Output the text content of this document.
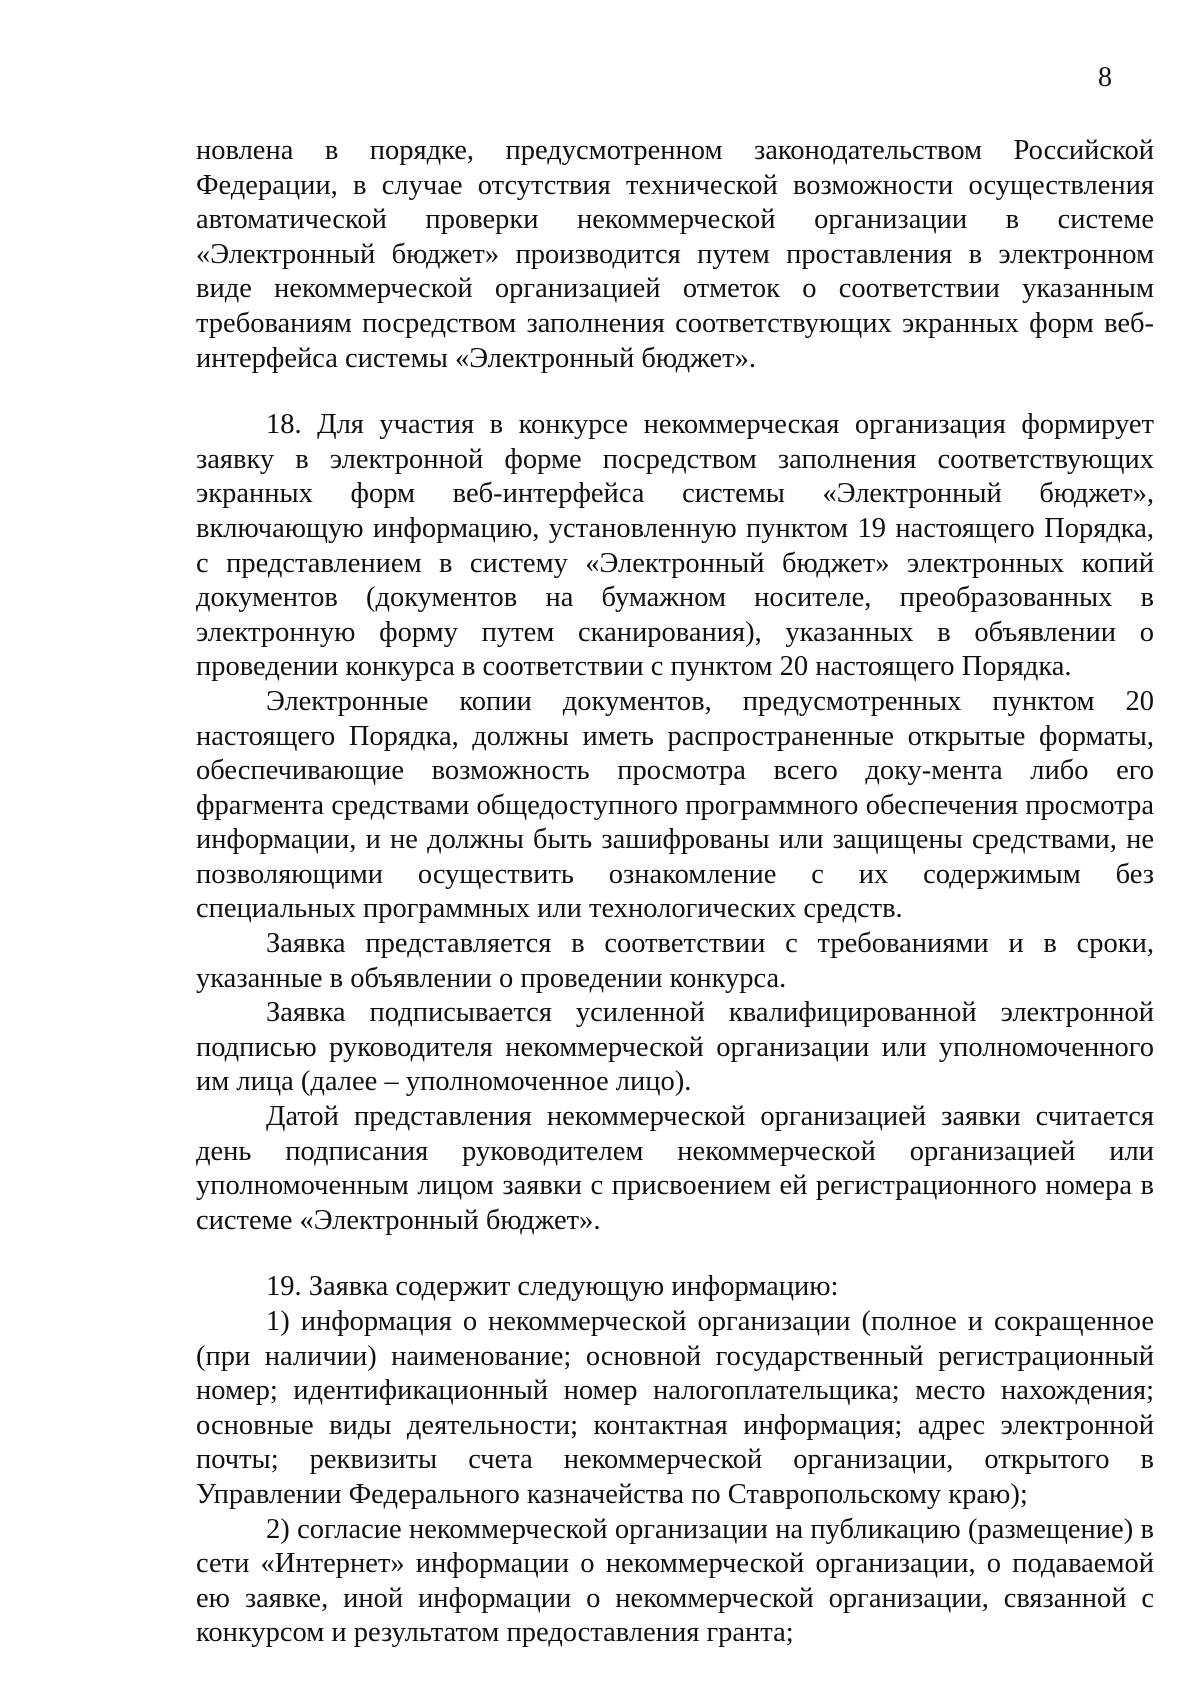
8

новлена в порядке, предусмотренном законодательством Российской Федерации, в случае отсутствия технической возможности осуществления автоматической проверки некоммерческой организации в системе «Электронный бюджет» производится путем проставления в электронном виде некоммерческой организацией отметок о соответствии указанным требованиям посредством заполнения соответствующих экранных форм веб-интерфейса системы «Электронный бюджет».

18. Для участия в конкурсе некоммерческая организация формирует заявку в электронной форме посредством заполнения соответствующих экранных форм веб-интерфейса системы «Электронный бюджет», включающую информацию, установленную пунктом 19 настоящего Порядка, с представлением в систему «Электронный бюджет» электронных копий документов (документов на бумажном носителе, преобразованных в электронную форму путем сканирования), указанных в объявлении о проведении конкурса в соответствии с пунктом 20 настоящего Порядка.

Электронные копии документов, предусмотренных пунктом 20 настоящего Порядка, должны иметь распространенные открытые форматы, обеспечивающие возможность просмотра всего доку-мента либо его фрагмента средствами общедоступного программного обеспечения просмотра информации, и не должны быть зашифрованы или защищены средствами, не позволяющими осуществить ознакомление с их содержимым без специальных программных или технологических средств.

Заявка представляется в соответствии с требованиями и в сроки, указанные в объявлении о проведении конкурса.

Заявка подписывается усиленной квалифицированной электронной подписью руководителя некоммерческой организации или уполномоченного им лица (далее – уполномоченное лицо).

Датой представления некоммерческой организацией заявки считается день подписания руководителем некоммерческой организацией или уполномоченным лицом заявки с присвоением ей регистрационного номера в системе «Электронный бюджет».

19. Заявка содержит следующую информацию:

1) информация о некоммерческой организации (полное и сокращенное (при наличии) наименование; основной государственный регистрационный номер; идентификационный номер налогоплательщика; место нахождения; основные виды деятельности; контактная информация; адрес электронной почты; реквизиты счета некоммерческой организации, открытого в Управлении Федерального казначейства по Ставропольскому краю);

2) согласие некоммерческой организации на публикацию (размещение) в сети «Интернет» информации о некоммерческой организации, о подаваемой ею заявке, иной информации о некоммерческой организации, связанной с конкурсом и результатом предоставления гранта;
